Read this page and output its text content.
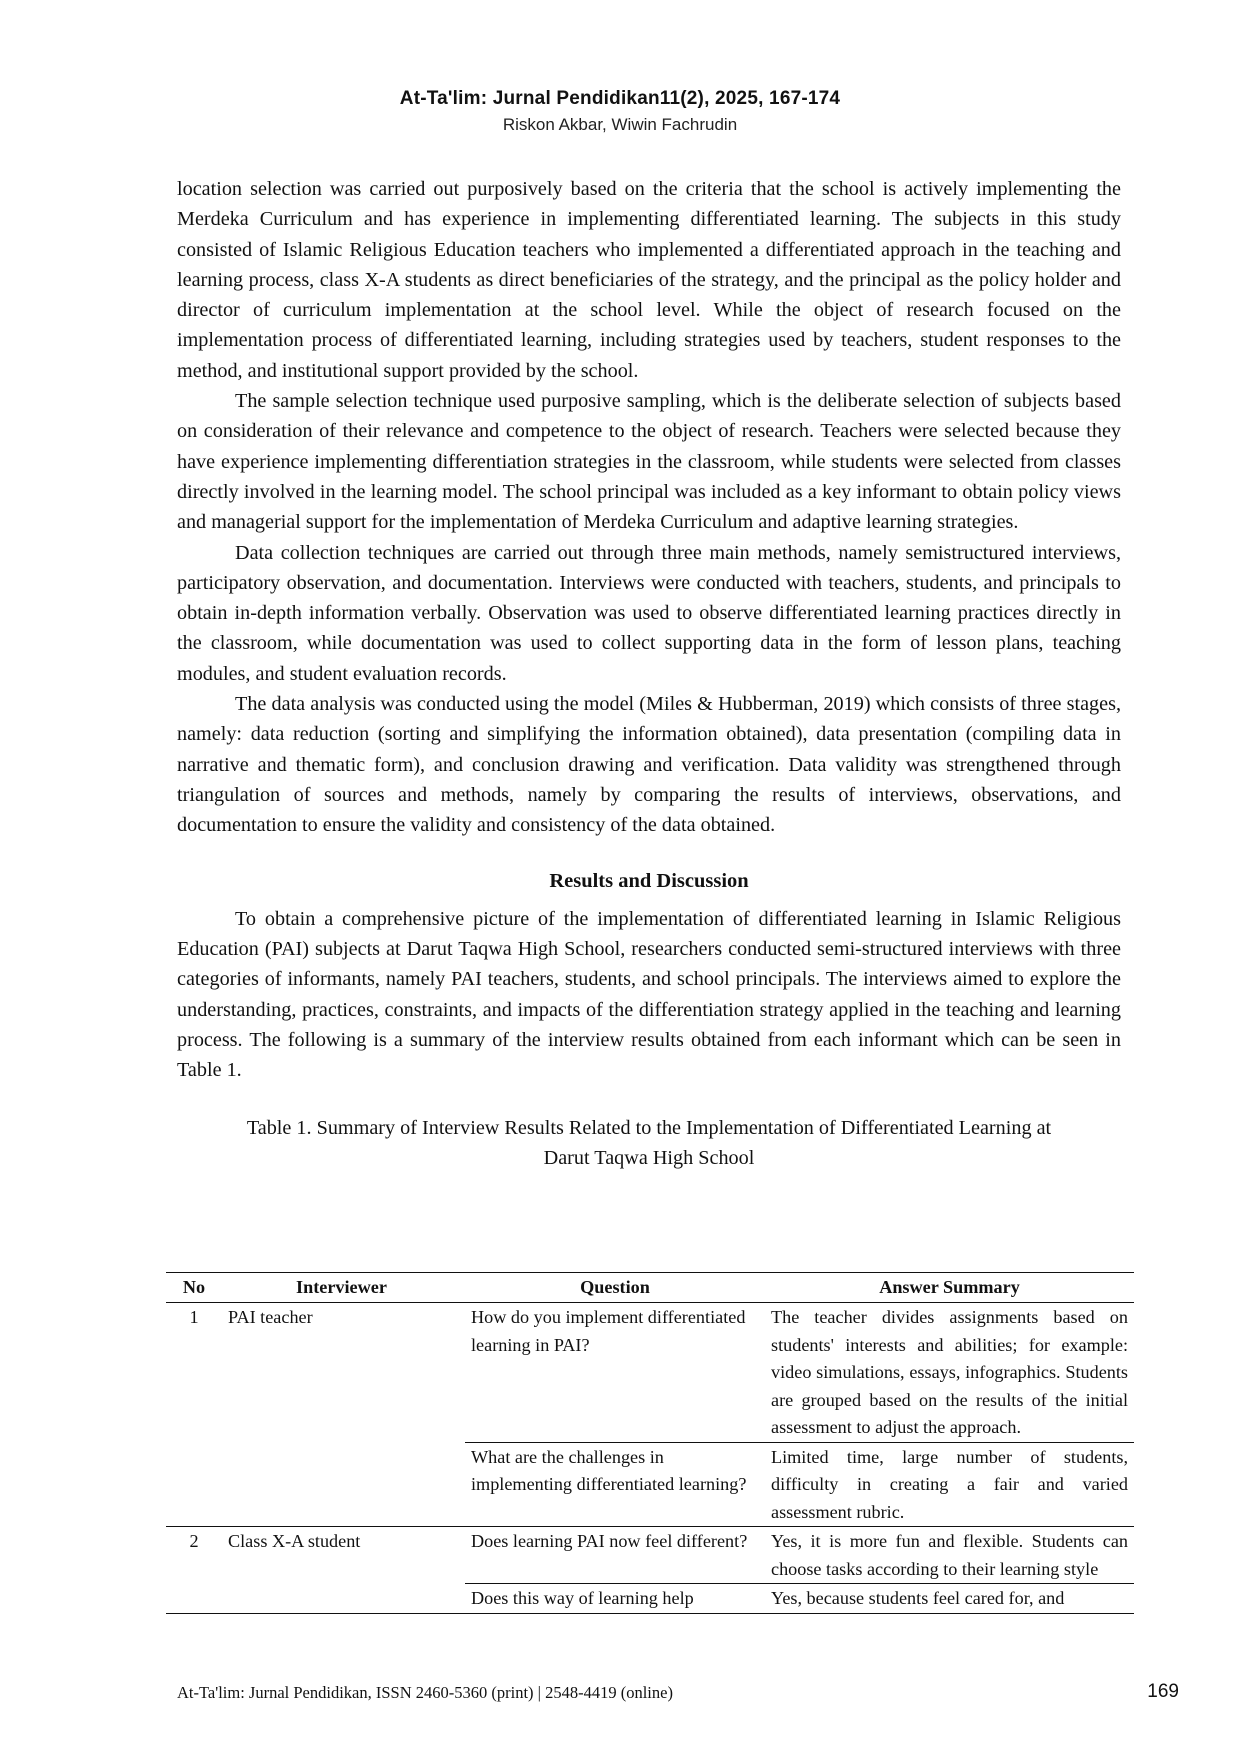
At-Ta'lim: Jurnal Pendidikan11(2), 2025, 167-174
Riskon Akbar, Wiwin Fachrudin

location selection was carried out purposively based on the criteria that the school is actively implementing the Merdeka Curriculum and has experience in implementing differentiated learning. The subjects in this study consisted of Islamic Religious Education teachers who implemented a differentiated approach in the teaching and learning process, class X-A students as direct beneficiaries of the strategy, and the principal as the policy holder and director of curriculum implementation at the school level. While the object of research focused on the implementation process of differentiated learning, including strategies used by teachers, student responses to the method, and institutional support provided by the school.

The sample selection technique used purposive sampling, which is the deliberate selection of subjects based on consideration of their relevance and competence to the object of research. Teachers were selected because they have experience implementing differentiation strategies in the classroom, while students were selected from classes directly involved in the learning model. The school principal was included as a key informant to obtain policy views and managerial support for the implementation of Merdeka Curriculum and adaptive learning strategies.

Data collection techniques are carried out through three main methods, namely semistructured interviews, participatory observation, and documentation. Interviews were conducted with teachers, students, and principals to obtain in-depth information verbally. Observation was used to observe differentiated learning practices directly in the classroom, while documentation was used to collect supporting data in the form of lesson plans, teaching modules, and student evaluation records.

The data analysis was conducted using the model (Miles & Hubberman, 2019) which consists of three stages, namely: data reduction (sorting and simplifying the information obtained), data presentation (compiling data in narrative and thematic form), and conclusion drawing and verification. Data validity was strengthened through triangulation of sources and methods, namely by comparing the results of interviews, observations, and documentation to ensure the validity and consistency of the data obtained.

Results and Discussion

To obtain a comprehensive picture of the implementation of differentiated learning in Islamic Religious Education (PAI) subjects at Darut Taqwa High School, researchers conducted semi-structured interviews with three categories of informants, namely PAI teachers, students, and school principals. The interviews aimed to explore the understanding, practices, constraints, and impacts of the differentiation strategy applied in the teaching and learning process. The following is a summary of the interview results obtained from each informant which can be seen in Table 1.

Table 1. Summary of Interview Results Related to the Implementation of Differentiated Learning at
Darut Taqwa High School
No	Interviewer	Question	Answer Summary
1	PAI teacher	How do you implement differentiated learning in PAI?	The teacher divides assignments based on students' interests and abilities; for example: video simulations, essays, infographics. Students are grouped based on the results of the initial assessment to adjust the approach.
		What are the challenges in implementing differentiated learning?	Limited time, large number of students, difficulty in creating a fair and varied assessment rubric.
2	Class X-A student	Does learning PAI now feel different?	Yes, it is more fun and flexible. Students can choose tasks according to their learning style
		Does this way of learning help	Yes, because students feel cared for, and
At-Ta'lim: Jurnal Pendidikan, ISSN 2460-5360 (print) | 2548-4419 (online)	169
